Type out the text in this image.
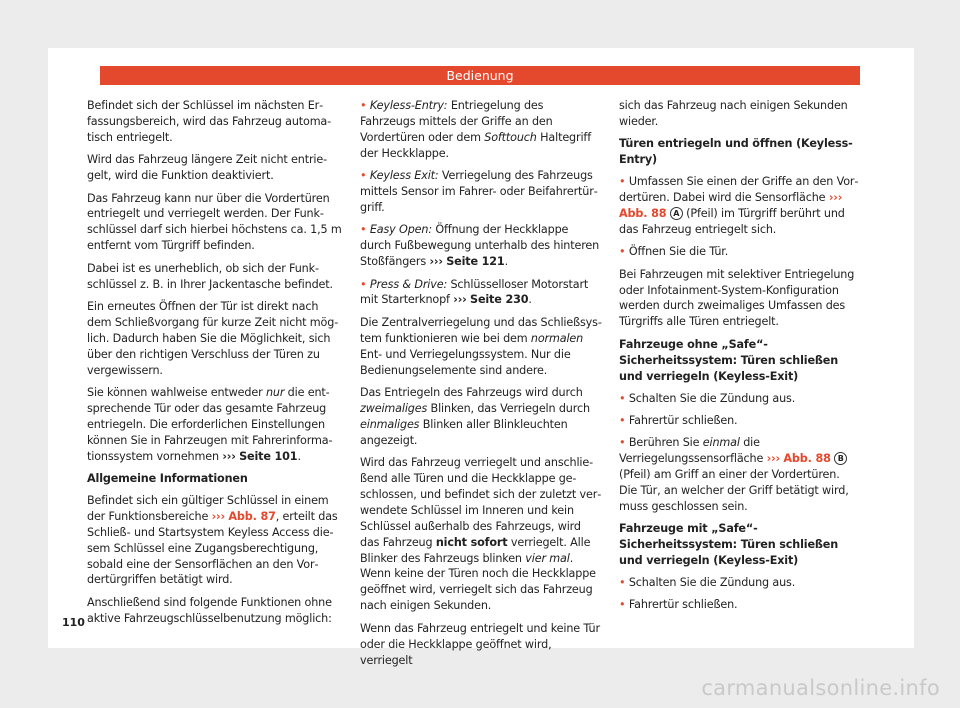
Bedienung

Befindet sich der Schlüssel im nächsten Erfassungsbereich, wird das Fahrzeug automatisch entriegelt.

Wird das Fahrzeug längere Zeit nicht entriegelt, wird die Funktion deaktiviert.

Das Fahrzeug kann nur über die Vordertüren entriegelt und verriegelt werden. Der Funkschlüssel darf sich hierbei höchstens ca. 1,5 m entfernt vom Türgriff befinden.

Dabei ist es unerheblich, ob sich der Funkschlüssel z. B. in Ihrer Jackentasche befindet.

Ein erneutes Öffnen der Tür ist direkt nach dem Schließvorgang für kurze Zeit nicht möglich. Dadurch haben Sie die Möglichkeit, sich über den richtigen Verschluss der Türen zu vergewissern.

Sie können wahlweise entweder nur die entsprechende Tür oder das gesamte Fahrzeug entriegeln. Die erforderlichen Einstellungen können Sie in Fahrzeugen mit Fahrerinformationssystem vornehmen ››› Seite 101.

Allgemeine Informationen

Befindet sich ein gültiger Schlüssel in einem der Funktionsbereiche ››› Abb. 87, erteilt das Schließ- und Startsystem Keyless Access diesem Schlüssel eine Zugangsberechtigung, sobald eine der Sensorflächen an den Vordertürgriffen betätigt wird.

Anschließend sind folgende Funktionen ohne aktive Fahrzeugschlüsselbenutzung möglich:

• Keyless-Entry: Entriegelung des Fahrzeugs mittels der Griffe an den Vordertüren oder dem Softtouch Haltegriff der Heckklappe.

• Keyless Exit: Verriegelung des Fahrzeugs mittels Sensor im Fahrer- oder Beifahrertürgriff.

• Easy Open: Öffnung der Heckklappe durch Fußbewegung unterhalb des hinteren Stoßfängers ››› Seite 121.

• Press & Drive: Schlüsselloser Motorstart mit Starterknopf ››› Seite 230.

Die Zentralverriegelung und das Schließsystem funktionieren wie bei dem normalen Ent- und Verriegelungssystem. Nur die Bedienungselemente sind andere.

Das Entriegeln des Fahrzeugs wird durch zweimaliges Blinken, das Verriegeln durch einmaliges Blinken aller Blinkleuchten angezeigt.

Wird das Fahrzeug verriegelt und anschließend alle Türen und die Heckklappe geschlossen, und befindet sich der zuletzt verwendete Schlüssel im Inneren und kein Schlüssel außerhalb des Fahrzeugs, wird das Fahrzeug nicht sofort verriegelt. Alle Blinker des Fahrzeugs blinken vier mal. Wenn keine der Türen noch die Heckklappe geöffnet wird, verriegelt sich das Fahrzeug nach einigen Sekunden.

Wenn das Fahrzeug entriegelt und keine Tür oder die Heckklappe geöffnet wird, verriegelt

sich das Fahrzeug nach einigen Sekunden wieder.

Türen entriegeln und öffnen (Keyless-Entry)

• Umfassen Sie einen der Griffe an den Vordertüren. Dabei wird die Sensorfläche ››› Abb. 88 A (Pfeil) im Türgriff berührt und das Fahrzeug entriegelt sich.

• Öffnen Sie die Tür.

Bei Fahrzeugen mit selektiver Entriegelung oder Infotainment-System-Konfiguration werden durch zweimaliges Umfassen des Türgriffs alle Türen entriegelt.

Fahrzeuge ohne „Safe“-Sicherheitssystem: Türen schließen und verriegeln (Keyless-Exit)

• Schalten Sie die Zündung aus.

• Fahrertür schließen.

• Berühren Sie einmal die Verriegelungssensorfläche ››› Abb. 88 B (Pfeil) am Griff an einer der Vordertüren. Die Tür, an welcher der Griff betätigt wird, muss geschlossen sein.

Fahrzeuge mit „Safe“-Sicherheitssystem: Türen schließen und verriegeln (Keyless-Exit)

• Schalten Sie die Zündung aus.

• Fahrertür schließen.

110
carmanualsonline.info
